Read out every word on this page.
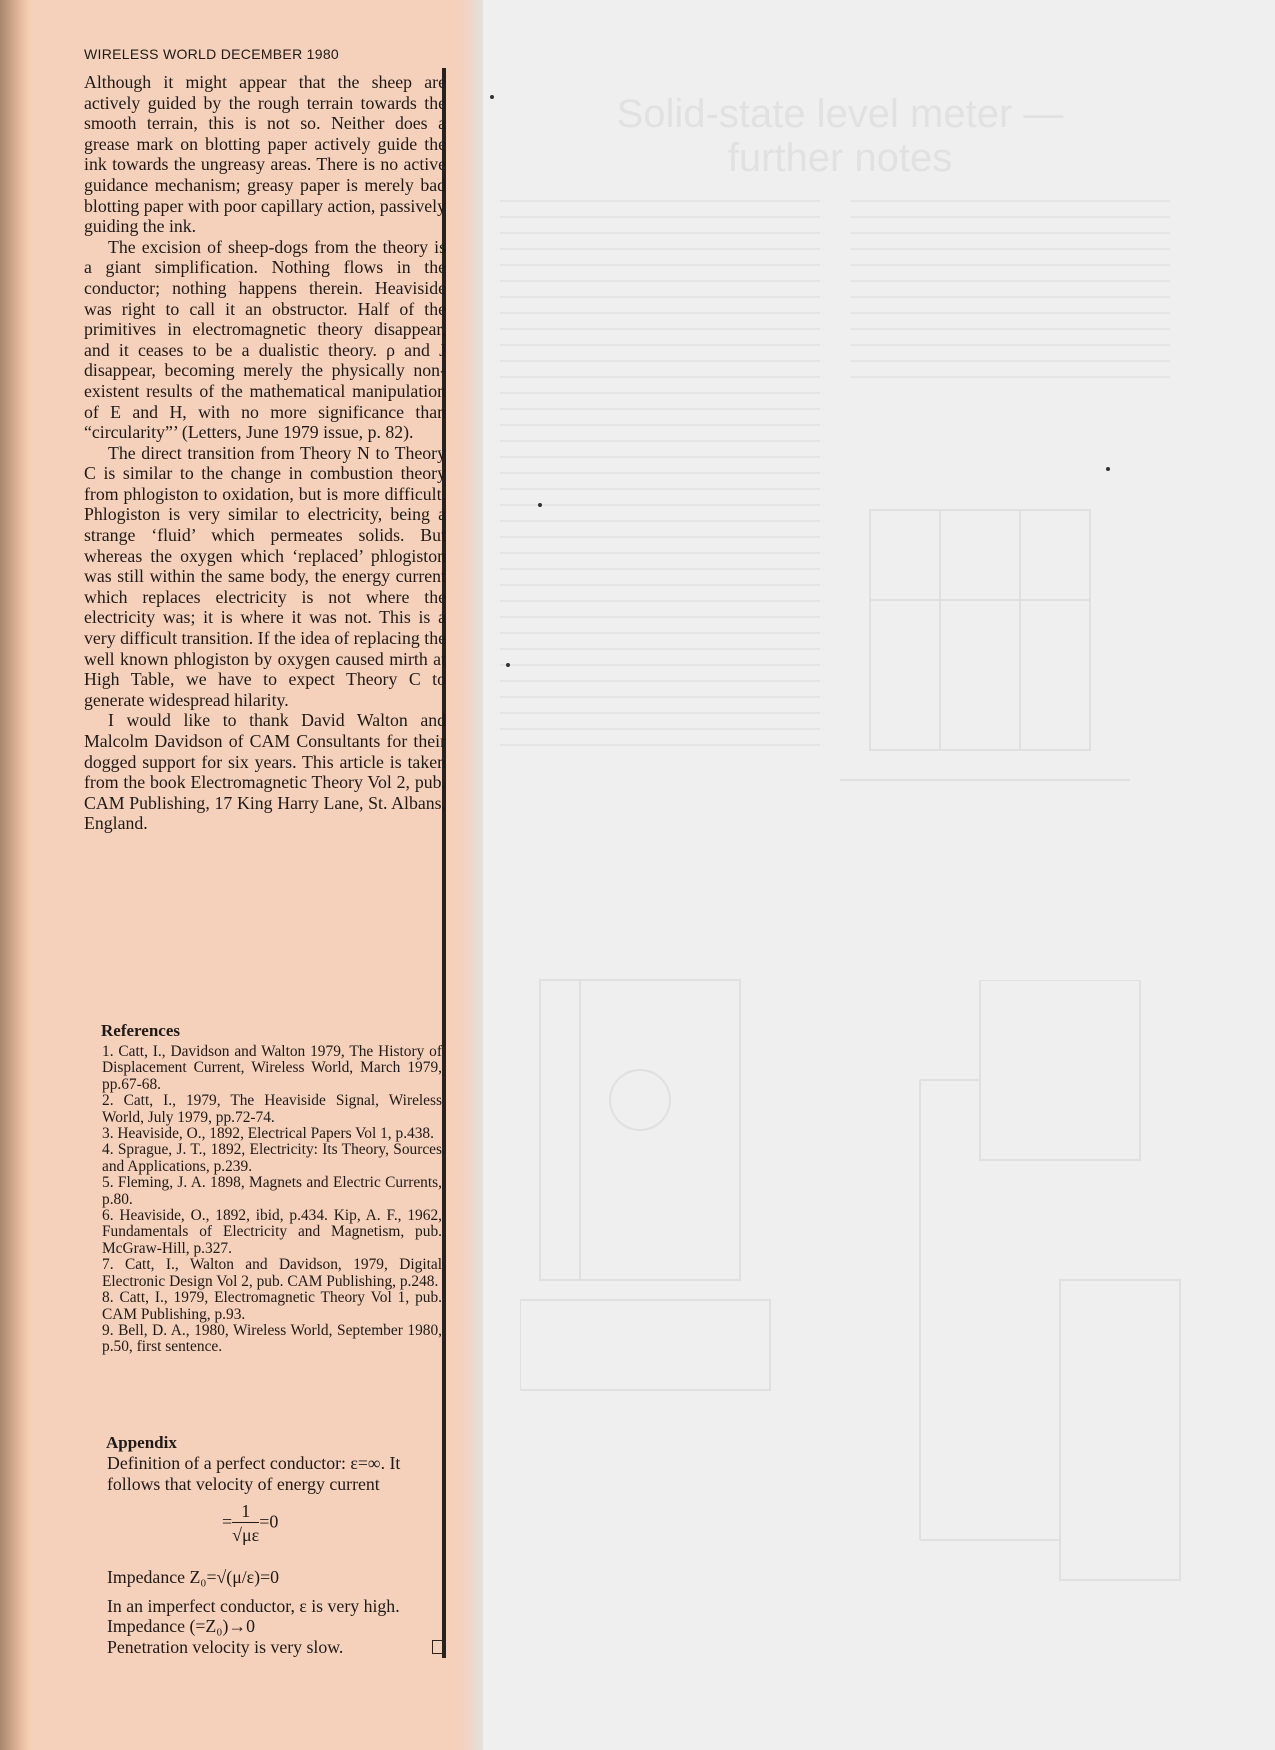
Solid-state level meter — further notes
WIRELESS WORLD DECEMBER 1980

Although it might appear that the sheep are actively guided by the rough terrain towards the smooth terrain, this is not so. Neither does a grease mark on blotting paper actively guide the ink towards the ungreasy areas. There is no active guidance mechanism; greasy paper is merely bad blotting paper with poor capillary action, passively guiding the ink.

The excision of sheep-dogs from the theory is a giant simplification. Nothing flows in the conductor; nothing happens therein. Heaviside was right to call it an obstructor. Half of the primitives in electromagnetic theory disappear, and it ceases to be a dualistic theory. ρ and J disappear, becoming merely the physically non-existent results of the mathematical manipulation of E and H, with no more significance than “circularity”’ (Letters, June 1979 issue, p. 82).

The direct transition from Theory N to Theory C is similar to the change in combustion theory from phlogiston to oxidation, but is more difficult. Phlogiston is very similar to electricity, being a strange ‘fluid’ which permeates solids. But whereas the oxygen which ‘replaced’ phlogiston was still within the same body, the energy current which replaces electricity is not where the electricity was; it is where it was not. This is a very difficult transition. If the idea of replacing the well known phlogiston by oxygen caused mirth at High Table, we have to expect Theory C to generate widespread hilarity.

I would like to thank David Walton and Malcolm Davidson of CAM Consultants for their dogged support for six years. This article is taken from the book Electromagnetic Theory Vol 2, pub. CAM Publishing, 17 King Harry Lane, St. Albans, England.

References
1. Catt, I., Davidson and Walton 1979, The History of Displacement Current, Wireless World, March 1979, pp.67-68.
2. Catt, I., 1979, The Heaviside Signal, Wireless World, July 1979, pp.72-74.
3. Heaviside, O., 1892, Electrical Papers Vol 1, p.438.
4. Sprague, J. T., 1892, Electricity: Its Theory, Sources and Applications, p.239.
5. Fleming, J. A. 1898, Magnets and Electric Currents, p.80.
6. Heaviside, O., 1892, ibid, p.434. Kip, A. F., 1962, Fundamentals of Electricity and Magnetism, pub. McGraw-Hill, p.327.
7. Catt, I., Walton and Davidson, 1979, Digital Electronic Design Vol 2, pub. CAM Publishing, p.248.
8. Catt, I., 1979, Electromagnetic Theory Vol 1, pub. CAM Publishing, p.93.
9. Bell, D. A., 1980, Wireless World, September 1980, p.50, first sentence.
Appendix
Definition of a perfect conductor: ε=∞. It follows that velocity of energy current
= $\frac{1}{√\mu\varepsilon} =0$
Impedance Z₀=√(μ/ε)=0
In an imperfect conductor, ε is very high.
Impedance (=Z₀)→0
Penetration velocity is very slow.
